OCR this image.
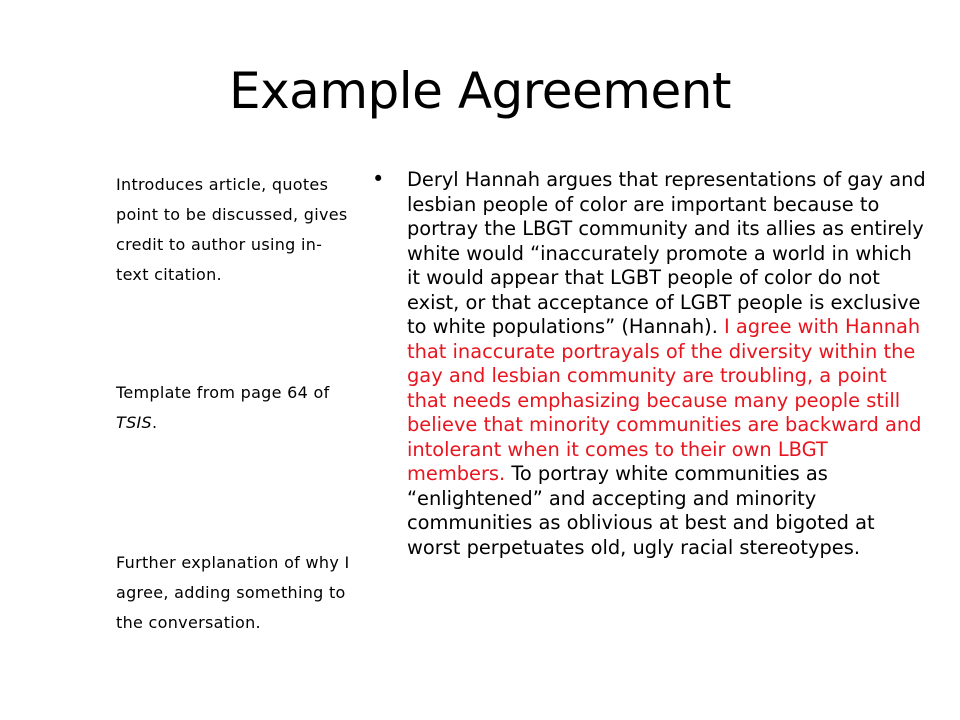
Example Agreement

Introduces article, quotes point to be discussed, gives credit to author using in-text citation.

Template from page 64 of TSIS.

Further explanation of why I agree, adding something to the conversation.

• Deryl Hannah argues that representations of gay and lesbian people of color are important because to portray the LBGT community and its allies as entirely white would “inaccurately promote a world in which it would appear that LGBT people of color do not exist, or that acceptance of LGBT people is exclusive to white populations” (Hannah). I agree with Hannah that inaccurate portrayals of the diversity within the gay and lesbian community are troubling, a point that needs emphasizing because many people still believe that minority communities are backward and intolerant when it comes to their own LBGT members. To portray white communities as “enlightened” and accepting and minority communities as oblivious at best and bigoted at worst perpetuates old, ugly racial stereotypes.
